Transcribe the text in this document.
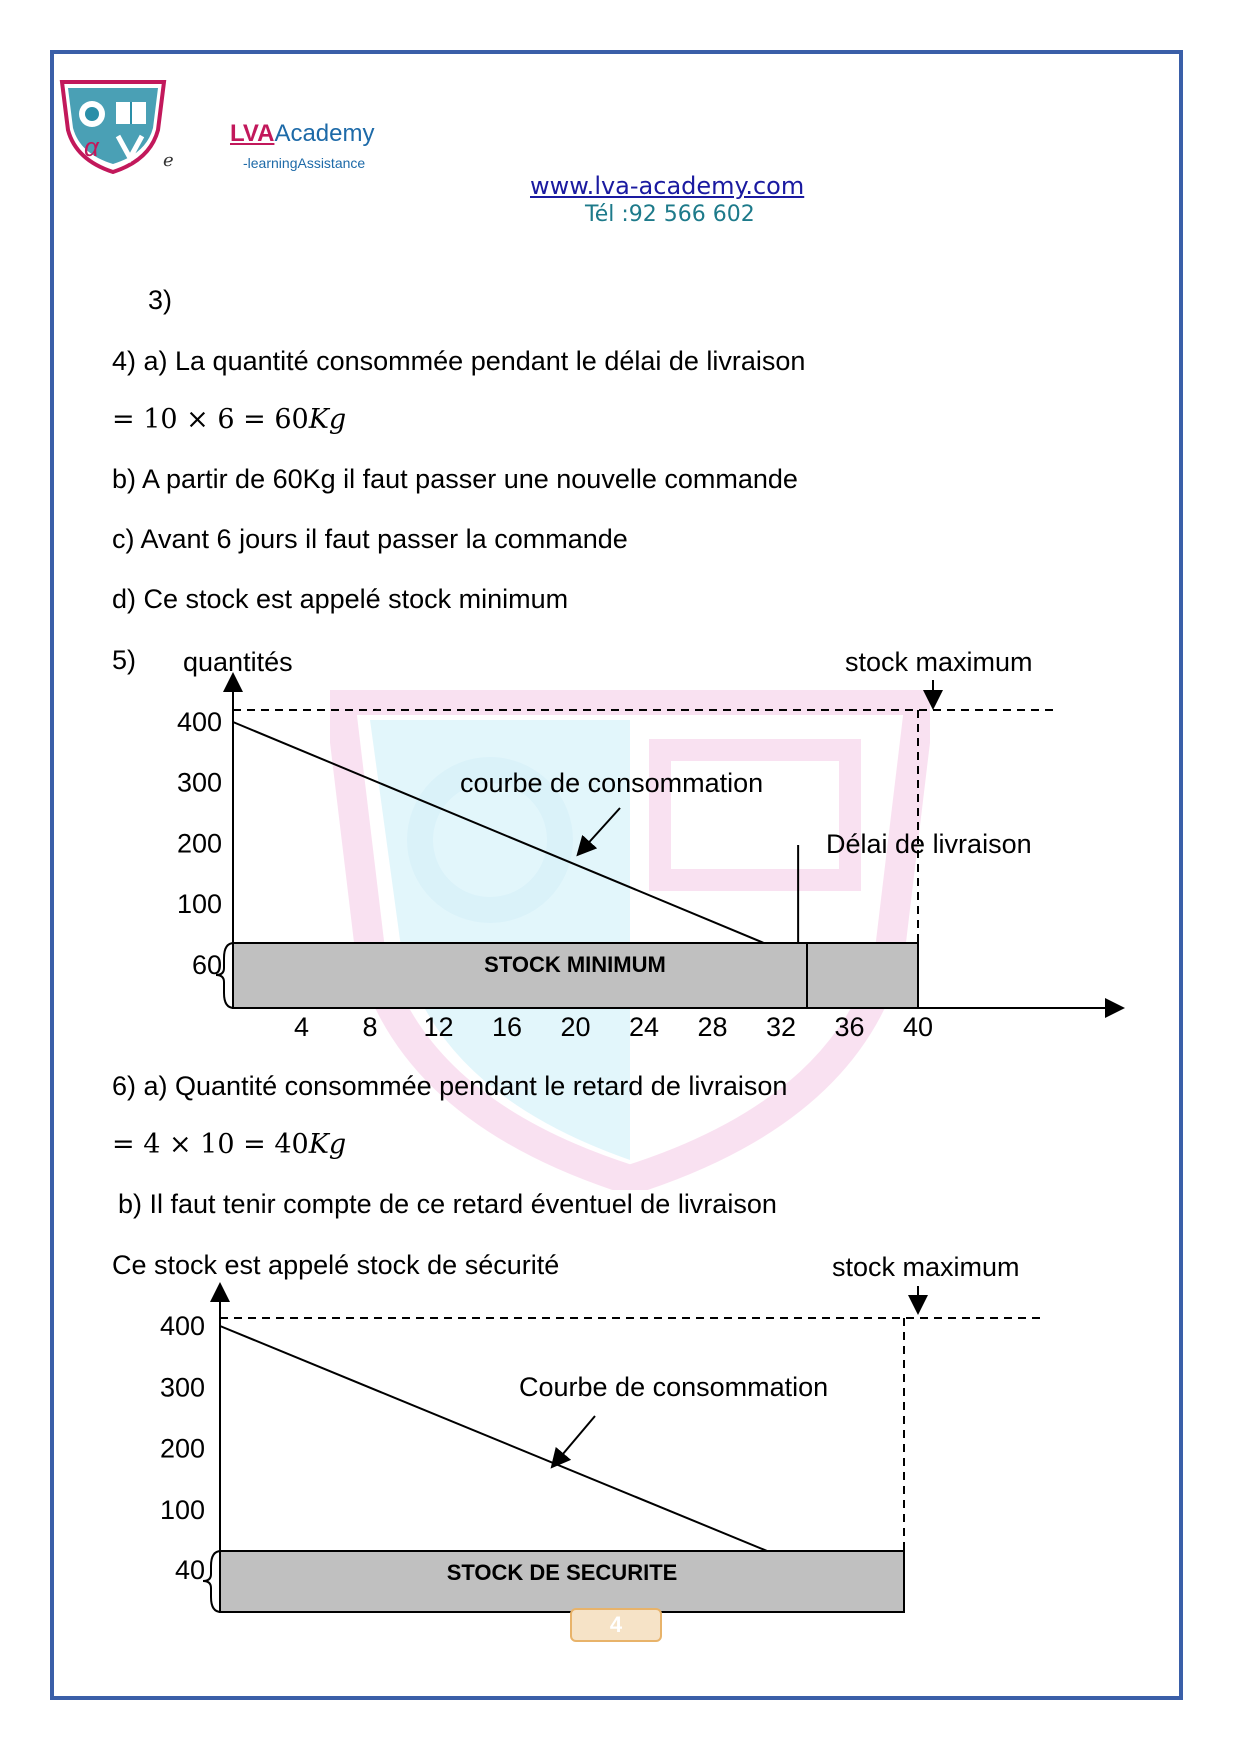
α	e
LVAAcademy
-learningAssistance
www.lva-academy.com
Tél :92 566 602
3)
4) a) La quantité consommée pendant le délai de livraison
= 10 × 6 = 60Kg
b) A partir de 60Kg il faut passer une nouvelle commande
c) Avant 6 jours il faut passer la commande
d) Ce stock est appelé stock minimum
5) quantités	stock maximum
STOCK MINIMUM
courbe de consommation
Délai de livraison
60
100
200
300
400
4 8 12 16 20 24 28 32 36 40
6) a) Quantité consommée pendant le retard de livraison
= 4 × 10 = 40Kg
b) Il faut tenir compte de ce retard éventuel de livraison
Ce stock est appelé stock de sécurité	stock maximum
STOCK DE SECURITE
Courbe de consommation
40
100
200
300
400
4
